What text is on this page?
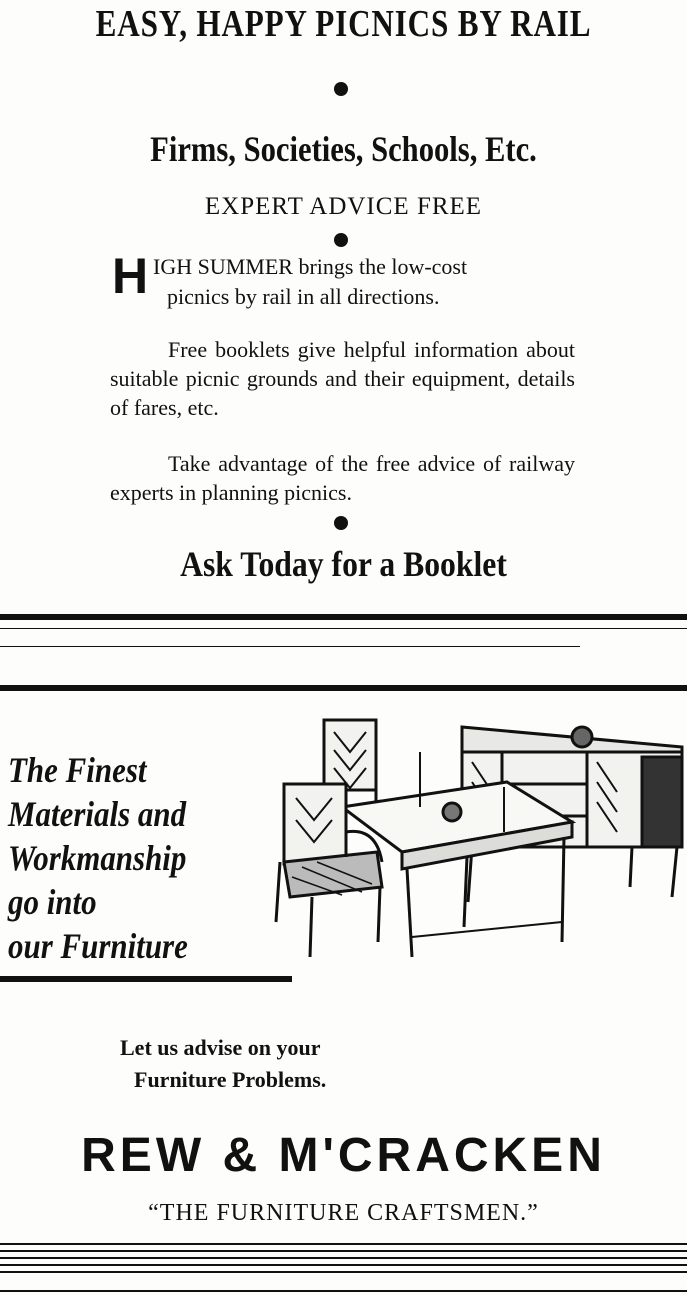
EASY, HAPPY PICNICS BY RAIL
Firms, Societies, Schools, Etc.
EXPERT ADVICE FREE
H IGH SUMMER brings the low-cost
picnics by rail in all directions.
Free booklets give helpful information about suitable picnic grounds and their equipment, details of fares, etc.
Take advantage of the free advice of railway experts in planning picnics.
Ask Today for a Booklet
The Finest
Materials and
Workmanship
go into
our Furniture
Let us advise on your
Furniture Problems.
REW & M'CRACKEN
“THE FURNITURE CRAFTSMEN.”
